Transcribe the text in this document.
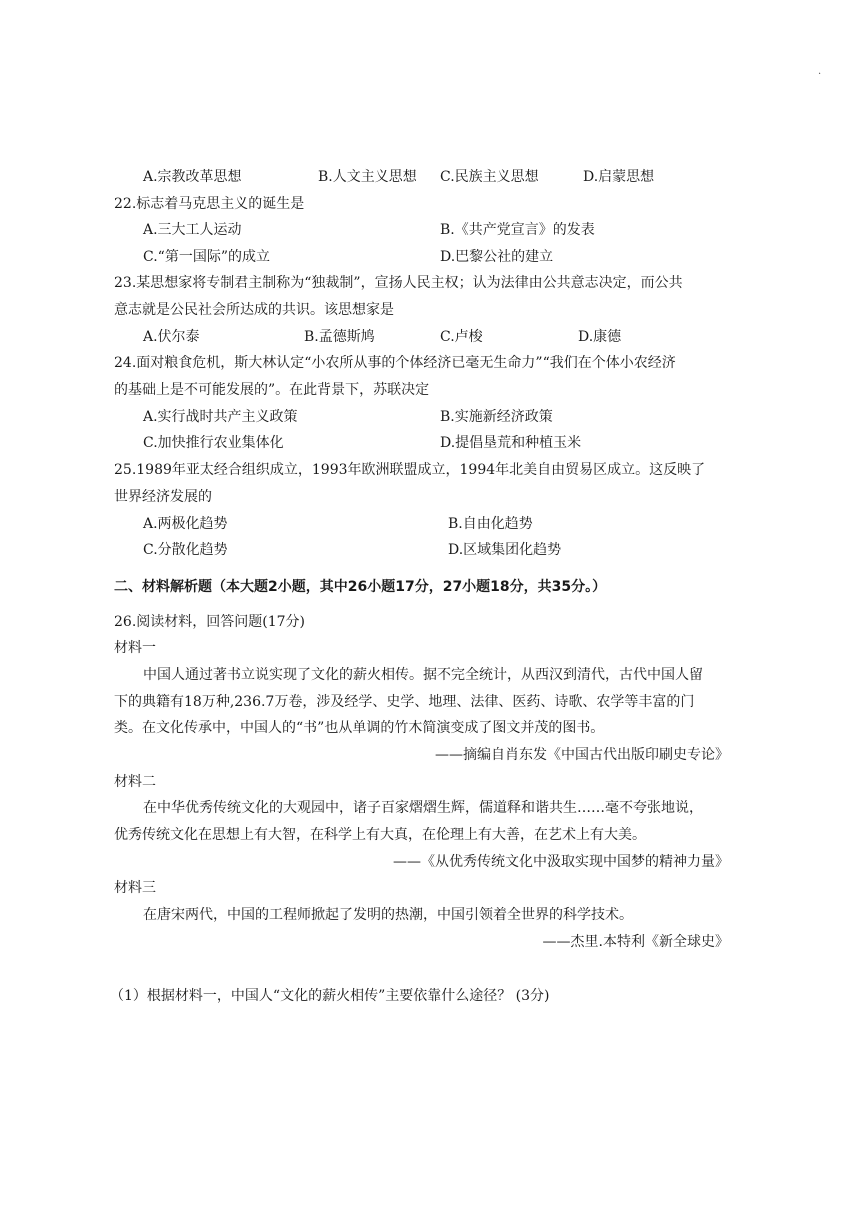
.
A.宗教改革思想	B.人文主义思想 C.民族主义思想	D.启蒙思想
22.标志着马克思主义的诞生是
A.三大工人运动	B.《共产党宣言》的发表
C.“第一国际”的成立	D.巴黎公社的建立
23.某思想家将专制君主制称为“独裁制”，宣扬人民主权；认为法律由公共意志决定，而公共
意志就是公民社会所达成的共识。该思想家是
A.伏尔泰	B.孟德斯鸠	C.卢梭	D.康德
24.面对粮食危机，斯大林认定“小农所从事的个体经济已毫无生命力”“我们在个体小农经济
的基础上是不可能发展的”。在此背景下，苏联决定
A.实行战时共产主义政策	B.实施新经济政策
C.加快推行农业集体化	D.提倡垦荒和种植玉米
25.1989年亚太经合组织成立，1993年欧洲联盟成立，1994年北美自由贸易区成立。这反映了
世界经济发展的
A.两极化趋势	B.自由化趋势
C.分散化趋势	D.区域集团化趋势
二、材料解析题（本大题2小题，其中26小题17分，27小题18分，共35分。）
26.阅读材料，回答问题(17分)
材料一
中国人通过著书立说实现了文化的薪火相传。据不完全统计，从西汉到清代，古代中国人留
下的典籍有18万种,236.7万卷，涉及经学、史学、地理、法律、医药、诗歌、农学等丰富的门
类。在文化传承中，中国人的“书”也从单调的竹木简演变成了图文并茂的图书。
——摘编自肖东发《中国古代出版印刷史专论》
材料二
在中华优秀传统文化的大观园中，诸子百家熠熠生辉，儒道释和谐共生……毫不夸张地说，
优秀传统文化在思想上有大智，在科学上有大真，在伦理上有大善，在艺术上有大美。
——《从优秀传统文化中汲取实现中国梦的精神力量》
材料三
在唐宋两代，中国的工程师掀起了发明的热潮，中国引领着全世界的科学技术。
——杰里.本特利《新全球史》
（1）根据材料一，中国人“文化的薪火相传”主要依靠什么途径？ (3分)
